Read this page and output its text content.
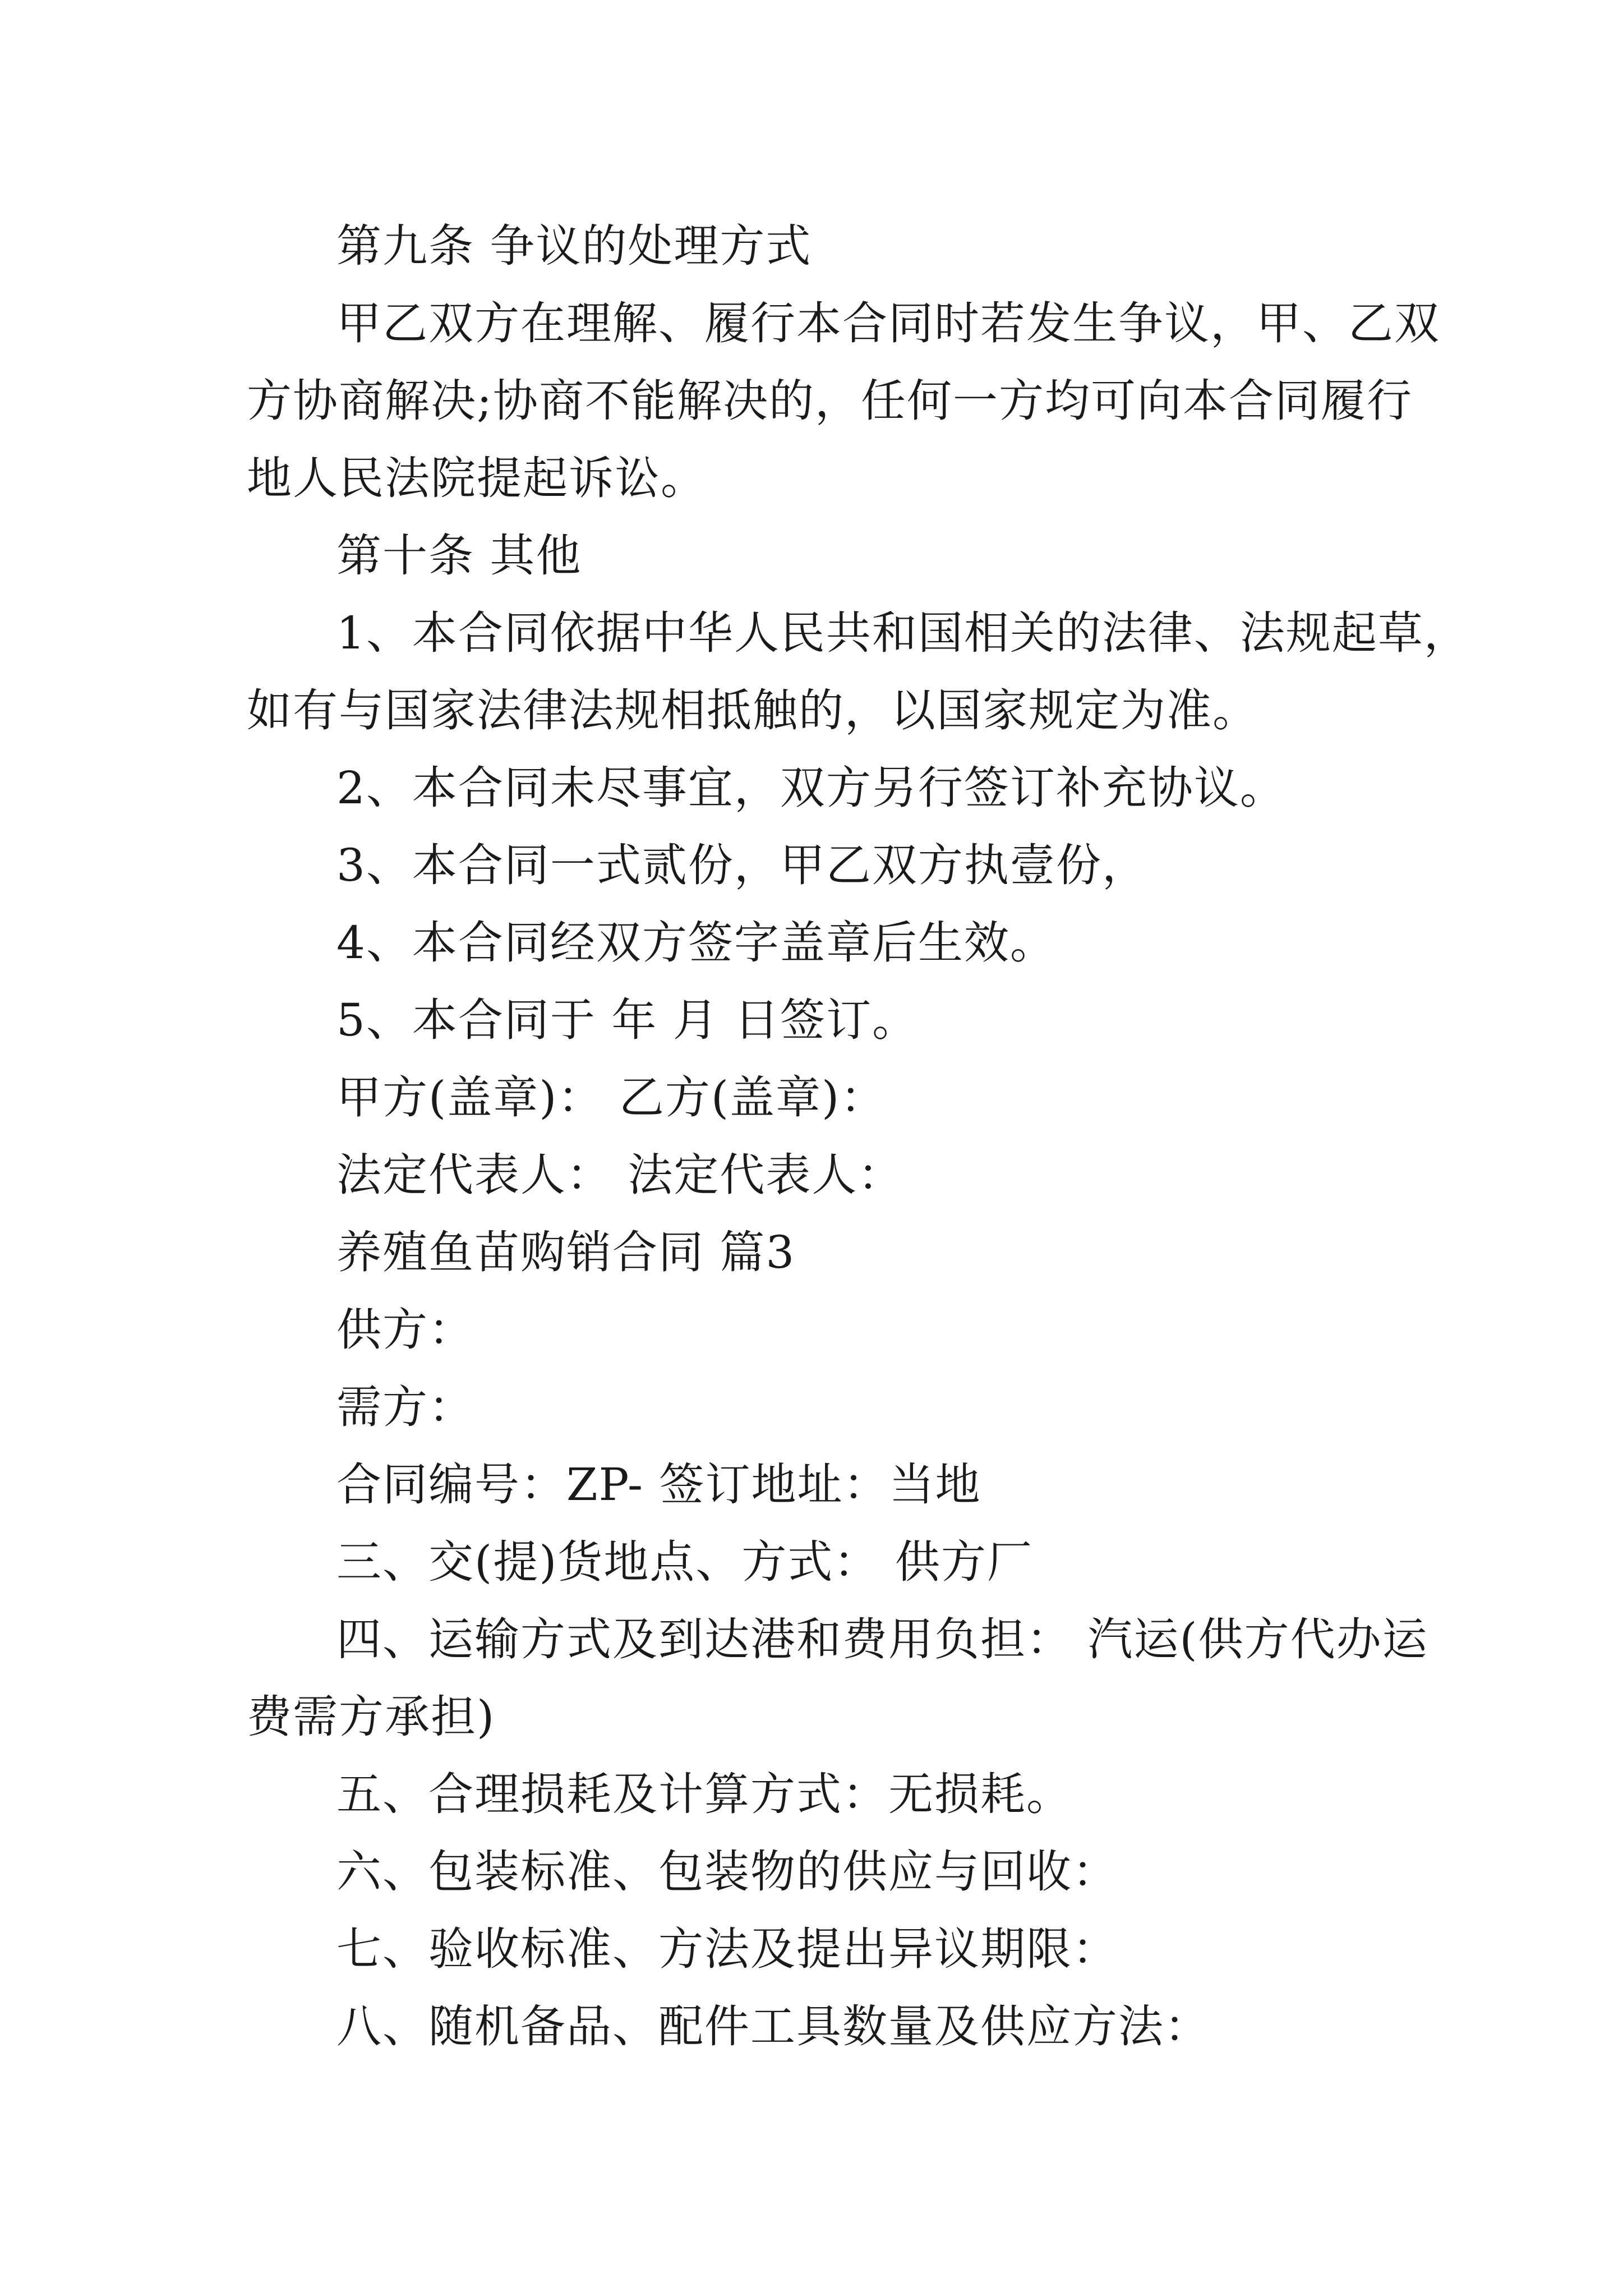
第九条 争议的处理方式
甲乙双方在理解、履行本合同时若发生争议，甲、乙双
方协商解决;协商不能解决的，任何一方均可向本合同履行
地人民法院提起诉讼。
第十条 其他
1、本合同依据中华人民共和国相关的法律、法规起草，
如有与国家法律法规相抵触的，以国家规定为准。
2、本合同未尽事宜，双方另行签订补充协议。
3、本合同一式贰份，甲乙双方执壹份，
4、本合同经双方签字盖章后生效。
5、本合同于 年 月 日签订。
甲方(盖章)： 乙方(盖章)：
法定代表人： 法定代表人：
养殖鱼苗购销合同 篇3
供方：
需方：
合同编号：ZP- 签订地址：当地
三、交(提)货地点、方式： 供方厂
四、运输方式及到达港和费用负担： 汽运(供方代办运
费需方承担)
五、合理损耗及计算方式：无损耗。
六、包装标准、包装物的供应与回收：
七、验收标准、方法及提出异议期限：
八、随机备品、配件工具数量及供应方法：
